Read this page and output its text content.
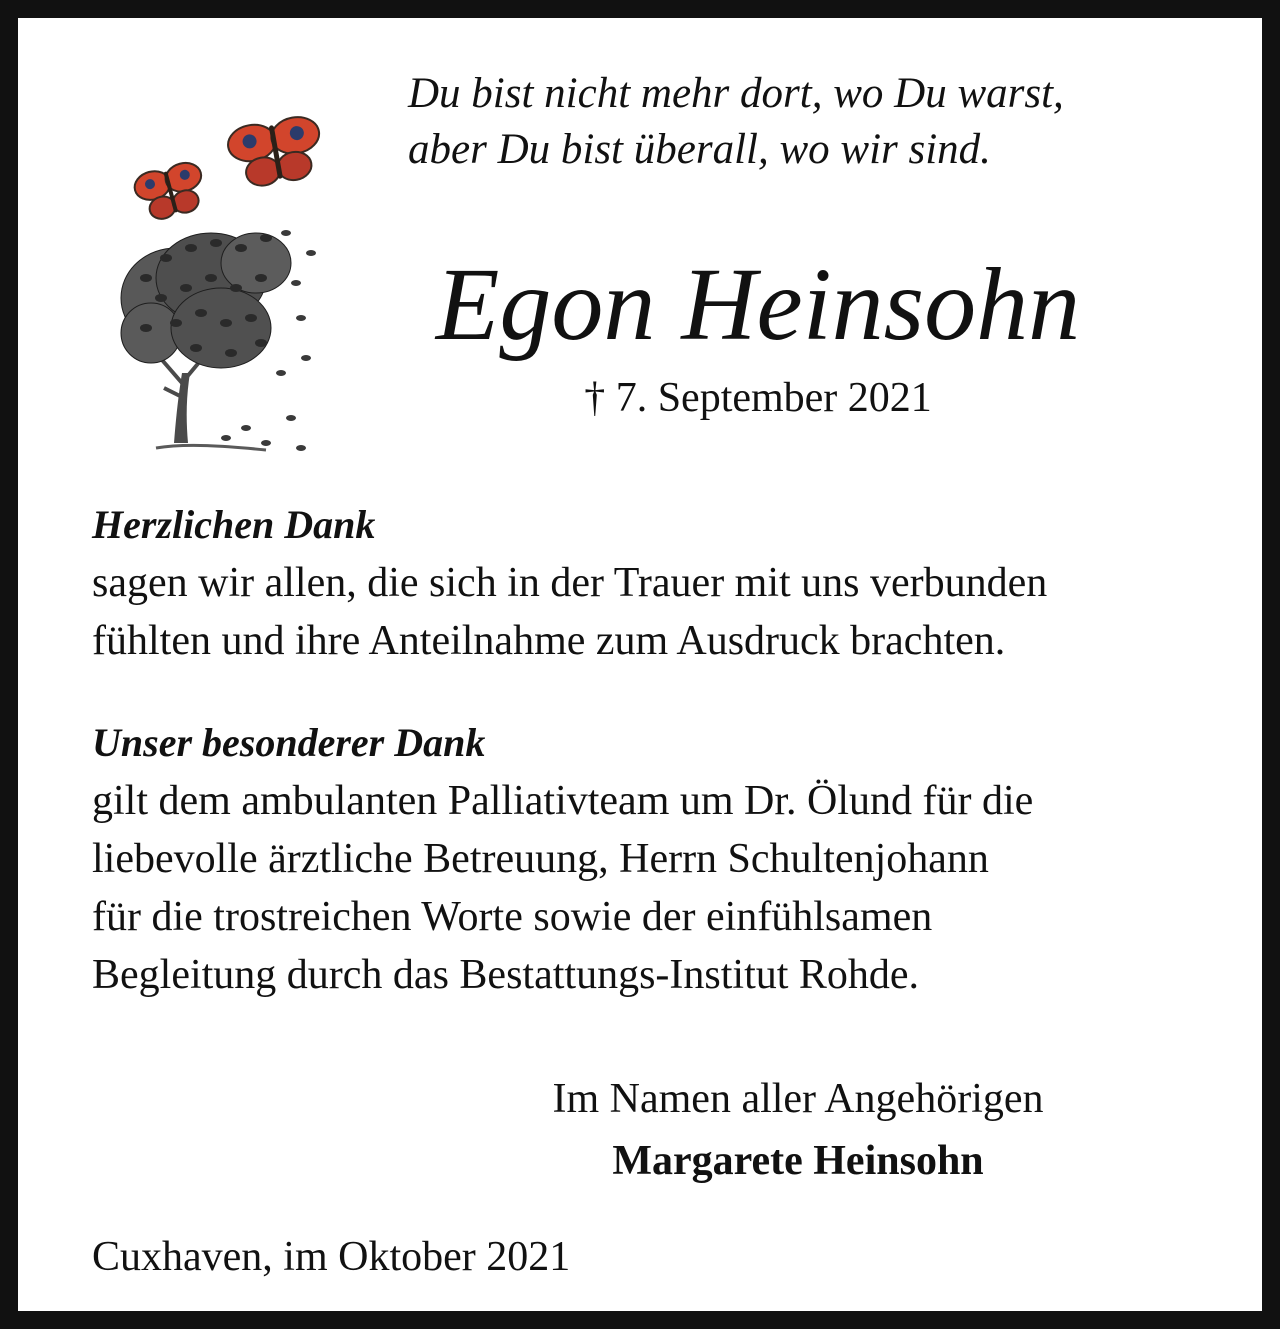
Du bist nicht mehr dort, wo Du warst,
aber Du bist überall, wo wir sind.
Egon Heinsohn
† 7. September 2021
Herzlichen Dank
sagen wir allen, die sich in der Trauer mit uns verbunden
fühlten und ihre Anteilnahme zum Ausdruck brachten.
Unser besonderer Dank
gilt dem ambulanten Palliativteam um Dr. Ölund für die
liebevolle ärztliche Betreuung, Herrn Schultenjohann
für die trostreichen Worte sowie der einfühlsamen
Begleitung durch das Bestattungs-Institut Rohde.
Im Namen aller Angehörigen
Margarete Heinsohn
Cuxhaven, im Oktober 2021
